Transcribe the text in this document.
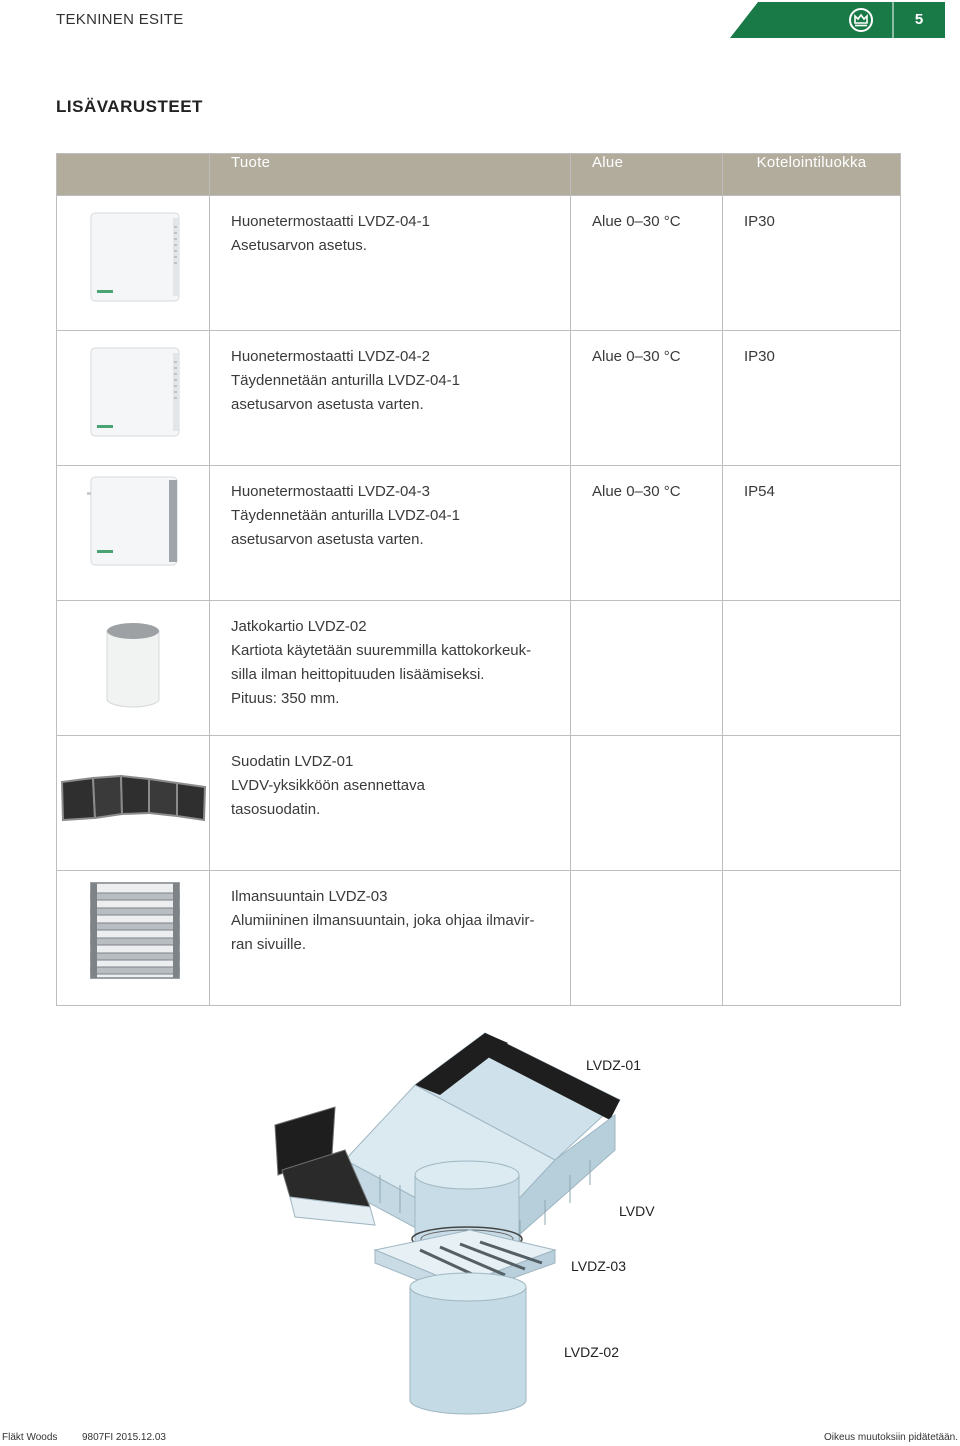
TEKNINEN ESITE	5
LISÄVARUSTEET
	Tuote	Alue	Kotelointiluokka

Huonetermostaatti LVDZ-04-1
Asetusarvon asetus.	Alue 0–30 °C	IP30

Huonetermostaatti LVDZ-04-2
Täydennetään anturilla LVDZ-04-1
asetusarvon asetusta varten.	Alue 0–30 °C	IP30

Huonetermostaatti LVDZ-04-3
Täydennetään anturilla LVDZ-04-1
asetusarvon asetusta varten.	Alue 0–30 °C	IP54

Jatkokartio LVDZ-02
Kartiota käytetään suuremmilla kattokorkeuk-
silla ilman heittopituuden lisäämiseksi.
Pituus: 350 mm.		

Suodatin LVDZ-01
LVDV-yksikköön asennettava
tasosuodatin.		

Ilmansuuntain LVDZ-03
Alumiininen ilmansuuntain, joka ohjaa ilmavir-
ran sivuille.		

LVDZ-01
LVDV
LVDZ-03
LVDZ-02
Fläkt Woods 9807FI 2015.12.03	Oikeus muutoksiin pidätetään.
